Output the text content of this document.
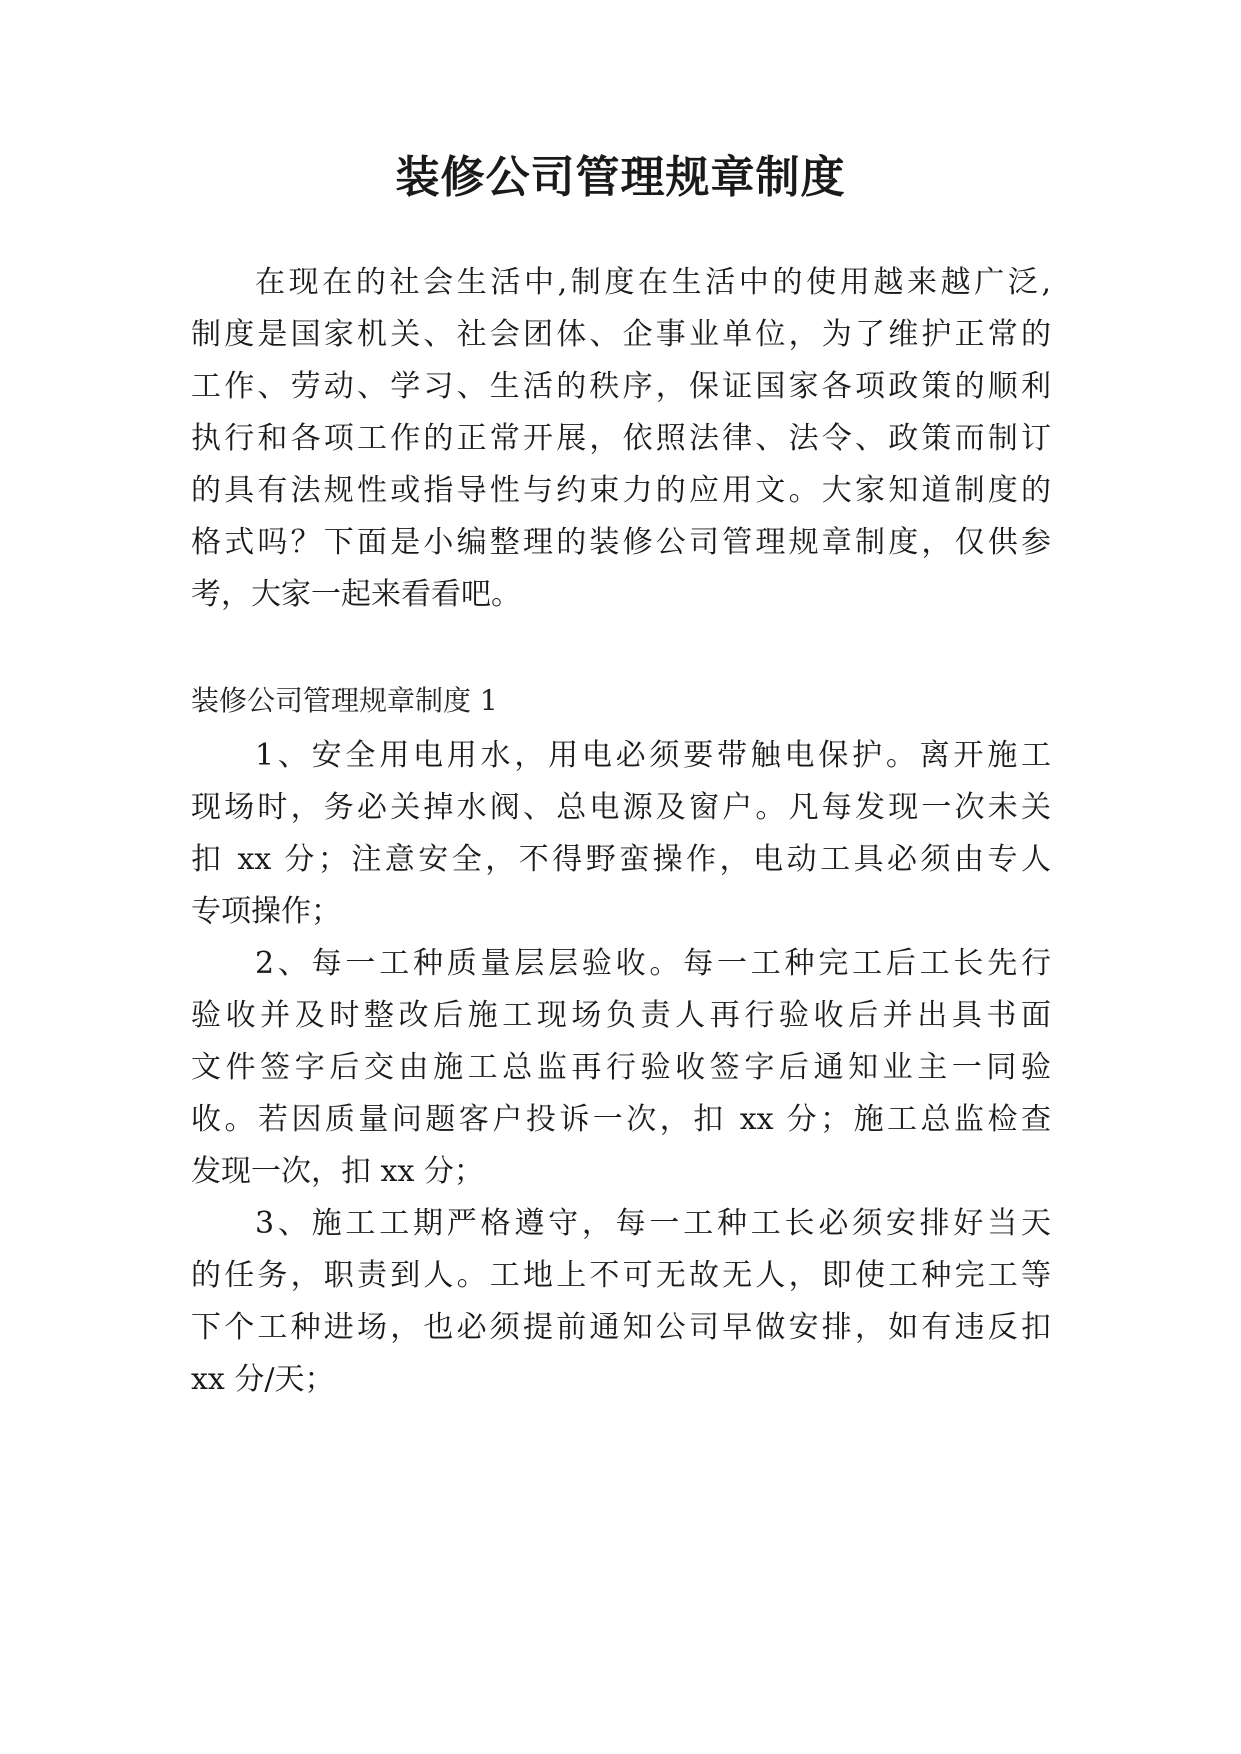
装修公司管理规章制度
在现在的社会生活中,制度在生活中的使用越来越广泛,
制度是国家机关、社会团体、企事业单位，为了维护正常的
工作、劳动、学习、生活的秩序，保证国家各项政策的顺利
执行和各项工作的正常开展，依照法律、法令、政策而制订
的具有法规性或指导性与约束力的应用文。大家知道制度的
格式吗？下面是小编整理的装修公司管理规章制度，仅供参
考，大家一起来看看吧。
装修公司管理规章制度 1
1、安全用电用水，用电必须要带触电保护。离开施工
现场时，务必关掉水阀、总电源及窗户。凡每发现一次未关
扣 xx 分；注意安全，不得野蛮操作，电动工具必须由专人
专项操作；
2、每一工种质量层层验收。每一工种完工后工长先行
验收并及时整改后施工现场负责人再行验收后并出具书面
文件签字后交由施工总监再行验收签字后通知业主一同验
收。若因质量问题客户投诉一次，扣 xx 分；施工总监检查
发现一次，扣 xx 分；
3、施工工期严格遵守，每一工种工长必须安排好当天
的任务，职责到人。工地上不可无故无人，即使工种完工等
下个工种进场，也必须提前通知公司早做安排，如有违反扣
xx 分/天；
